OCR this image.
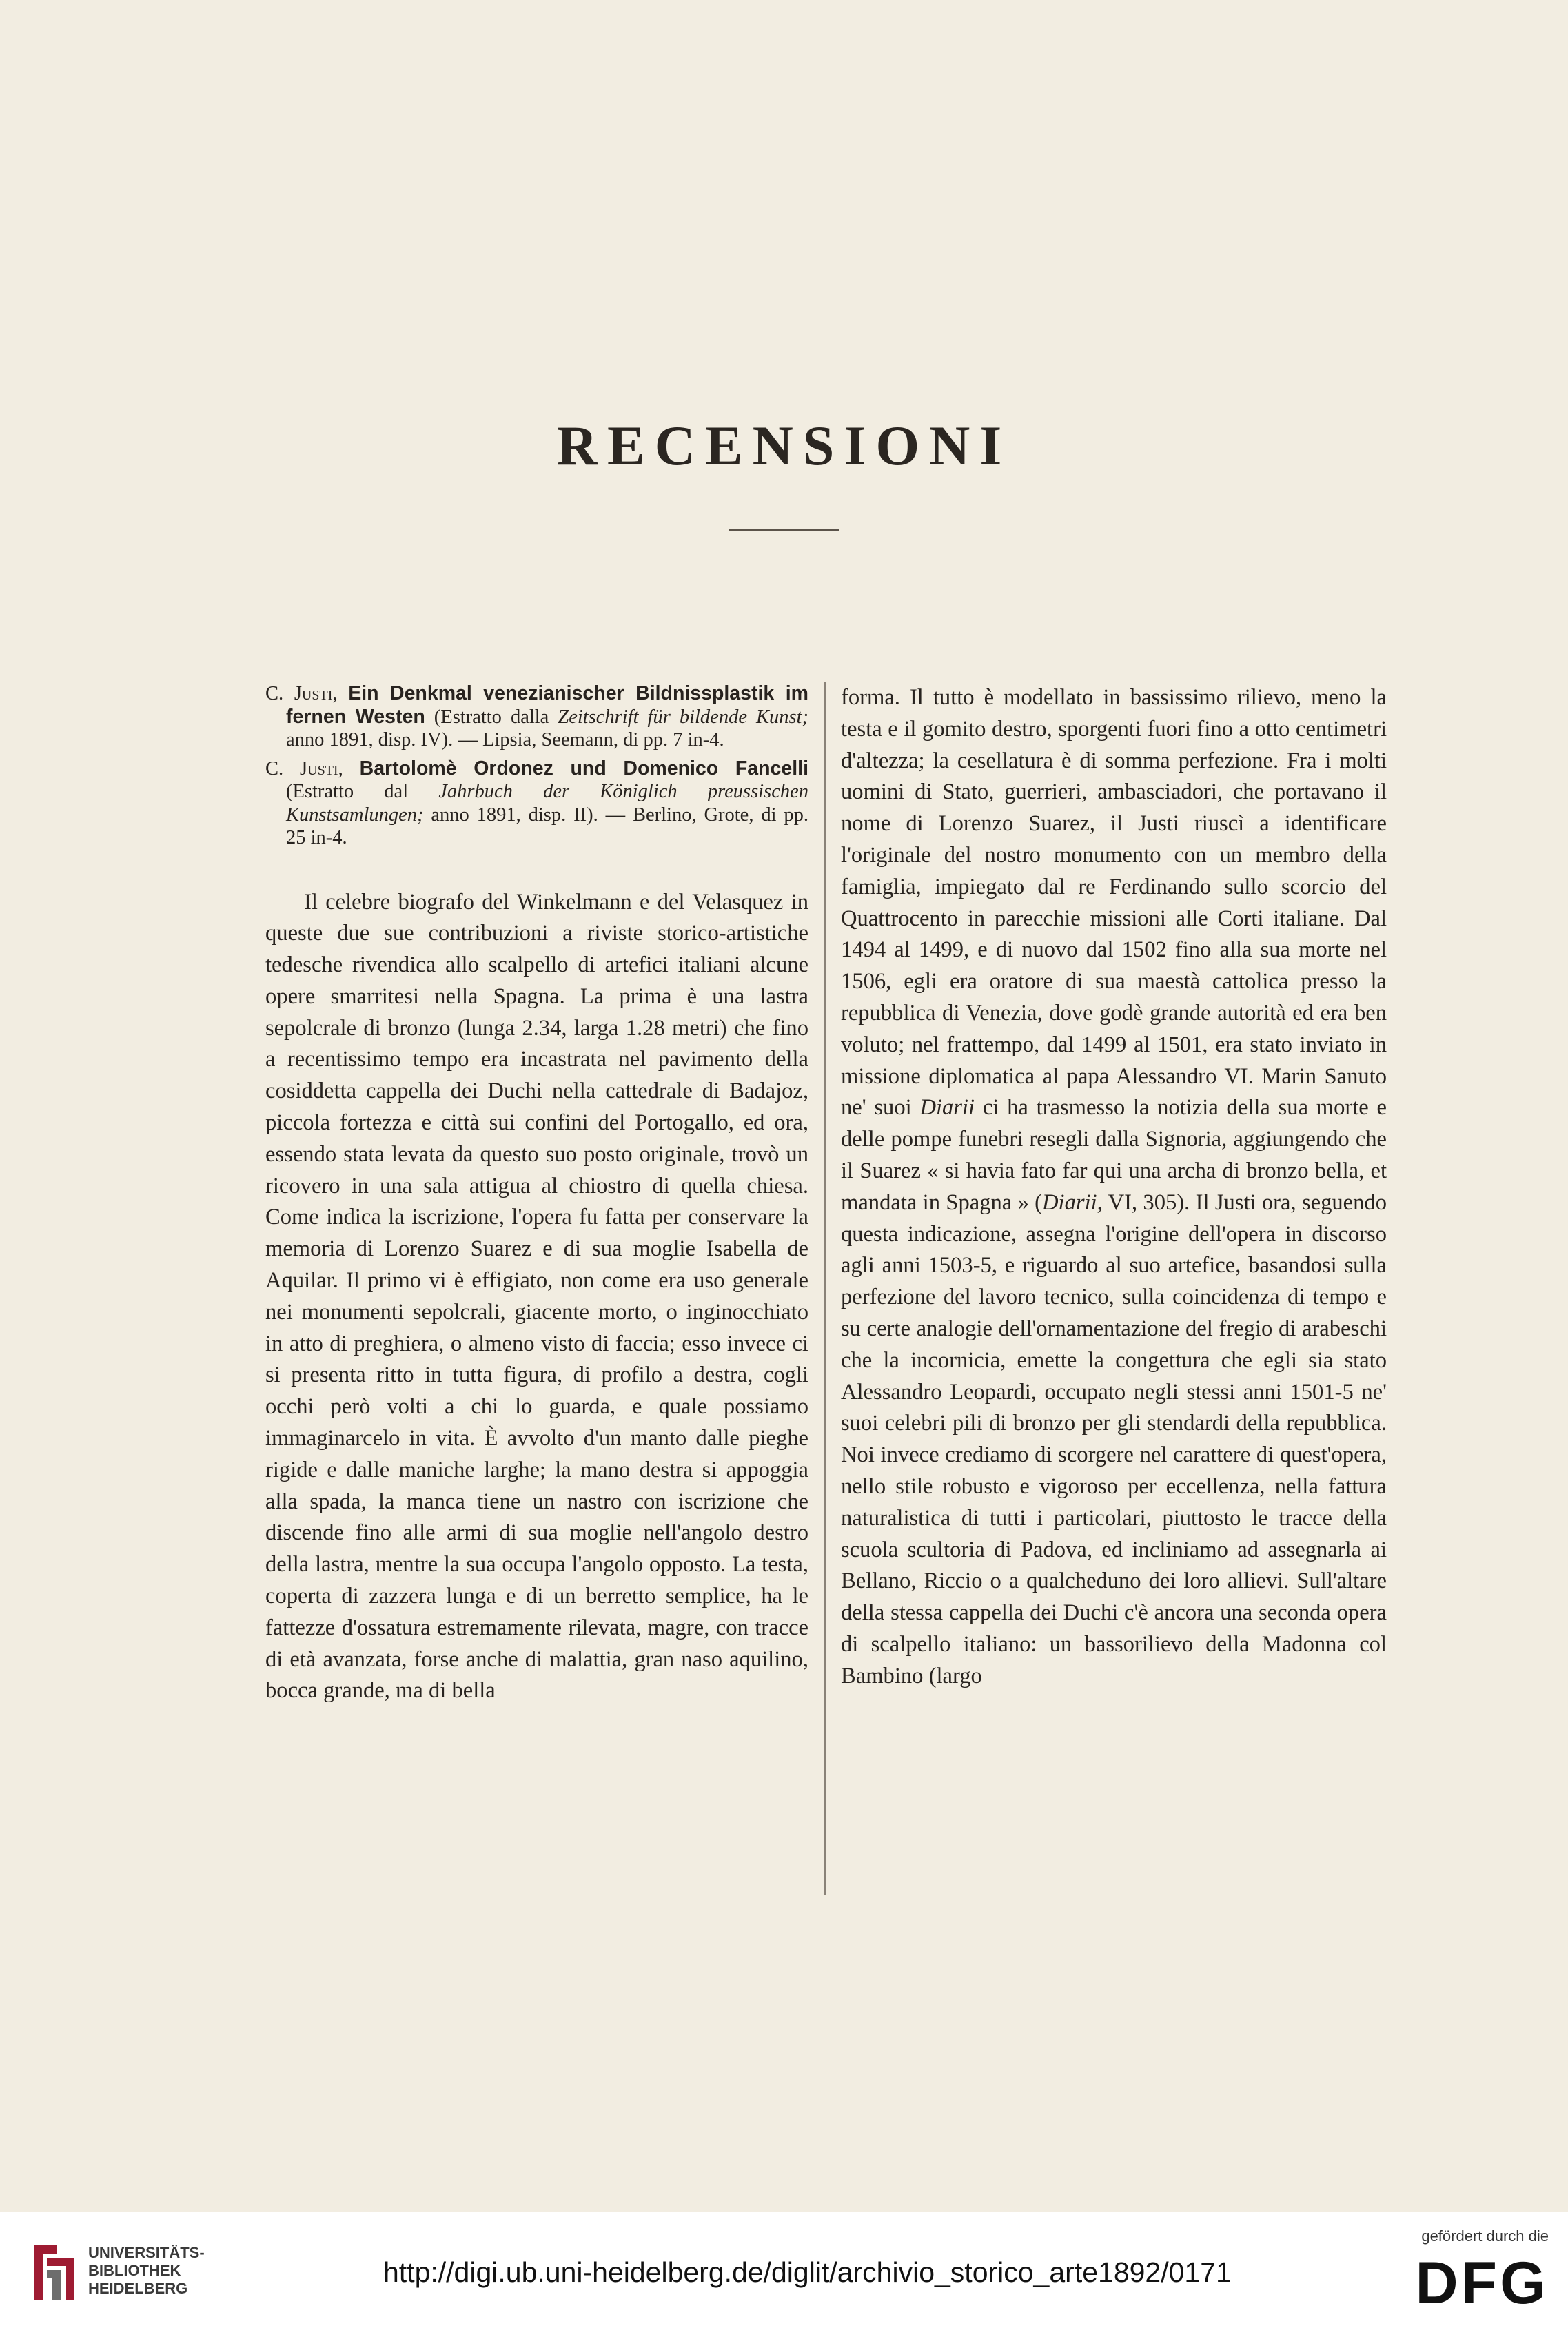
RECENSIONI

C. Justi, Ein Denkmal venezianischer Bildnissplastik im fernen Westen (Estratto dalla Zeitschrift für bildende Kunst; anno 1891, disp. IV). — Lipsia, Seemann, di pp. 7 in-4.

C. Justi, Bartolomè Ordonez und Domenico Fancelli (Estratto dal Jahrbuch der Königlich preussischen Kunstsamlungen; anno 1891, disp. II). — Berlino, Grote, di pp. 25 in-4.

Il celebre biografo del Winkelmann e del Velasquez in queste due sue contribuzioni a riviste storico-artistiche tedesche rivendica allo scalpello di artefici italiani alcune opere smarritesi nella Spagna. La prima è una lastra sepolcrale di bronzo (lunga 2.34, larga 1.28 metri) che fino a recentissimo tempo era incastrata nel pavimento della cosiddetta cappella dei Duchi nella cattedrale di Badajoz, piccola fortezza e città sui confini del Portogallo, ed ora, essendo stata levata da questo suo posto originale, trovò un ricovero in una sala attigua al chiostro di quella chiesa. Come indica la iscrizione, l'opera fu fatta per conservare la memoria di Lorenzo Suarez e di sua moglie Isabella de Aquilar. Il primo vi è effigiato, non come era uso generale nei monumenti sepolcrali, giacente morto, o inginocchiato in atto di preghiera, o almeno visto di faccia; esso invece ci si presenta ritto in tutta figura, di profilo a destra, cogli occhi però volti a chi lo guarda, e quale possiamo immaginarcelo in vita. È avvolto d'un manto dalle pieghe rigide e dalle maniche larghe; la mano destra si appoggia alla spada, la manca tiene un nastro con iscrizione che discende fino alle armi di sua moglie nell'angolo destro della lastra, mentre la sua occupa l'angolo opposto. La testa, coperta di zazzera lunga e di un berretto semplice, ha le fattezze d'ossatura estremamente rilevata, magre, con tracce di età avanzata, forse anche di malattia, gran naso aquilino, bocca grande, ma di bella

forma. Il tutto è modellato in bassissimo rilievo, meno la testa e il gomito destro, sporgenti fuori fino a otto centimetri d'altezza; la cesellatura è di somma perfezione. Fra i molti uomini di Stato, guerrieri, ambasciadori, che portavano il nome di Lorenzo Suarez, il Justi riuscì a identificare l'originale del nostro monumento con un membro della famiglia, impiegato dal re Ferdinando sullo scorcio del Quattrocento in parecchie missioni alle Corti italiane. Dal 1494 al 1499, e di nuovo dal 1502 fino alla sua morte nel 1506, egli era oratore di sua maestà cattolica presso la repubblica di Venezia, dove godè grande autorità ed era ben voluto; nel frattempo, dal 1499 al 1501, era stato inviato in missione diplomatica al papa Alessandro VI. Marin Sanuto ne' suoi Diarii ci ha trasmesso la notizia della sua morte e delle pompe funebri resegli dalla Signoria, aggiungendo che il Suarez « si havia fato far qui una archa di bronzo bella, et mandata in Spagna » (Diarii, VI, 305). Il Justi ora, seguendo questa indicazione, assegna l'origine dell'opera in discorso agli anni 1503-5, e riguardo al suo artefice, basandosi sulla perfezione del lavoro tecnico, sulla coincidenza di tempo e su certe analogie dell'ornamentazione del fregio di arabeschi che la incornicia, emette la congettura che egli sia stato Alessandro Leopardi, occupato negli stessi anni 1501-5 ne' suoi celebri pili di bronzo per gli stendardi della repubblica. Noi invece crediamo di scorgere nel carattere di quest'opera, nello stile robusto e vigoroso per eccellenza, nella fattura naturalistica di tutti i particolari, piuttosto le tracce della scuola scultoria di Padova, ed incliniamo ad assegnarla ai Bellano, Riccio o a qualcheduno dei loro allievi. Sull'altare della stessa cappella dei Duchi c'è ancora una seconda opera di scalpello italiano: un bassorilievo della Madonna col Bambino (largo

UNIVERSITÄTS-
BIBLIOTHEK
HEIDELBERG
http://digi.ub.uni-heidelberg.de/diglit/archivio_storico_arte1892/0171
gefördert durch die
DFG
